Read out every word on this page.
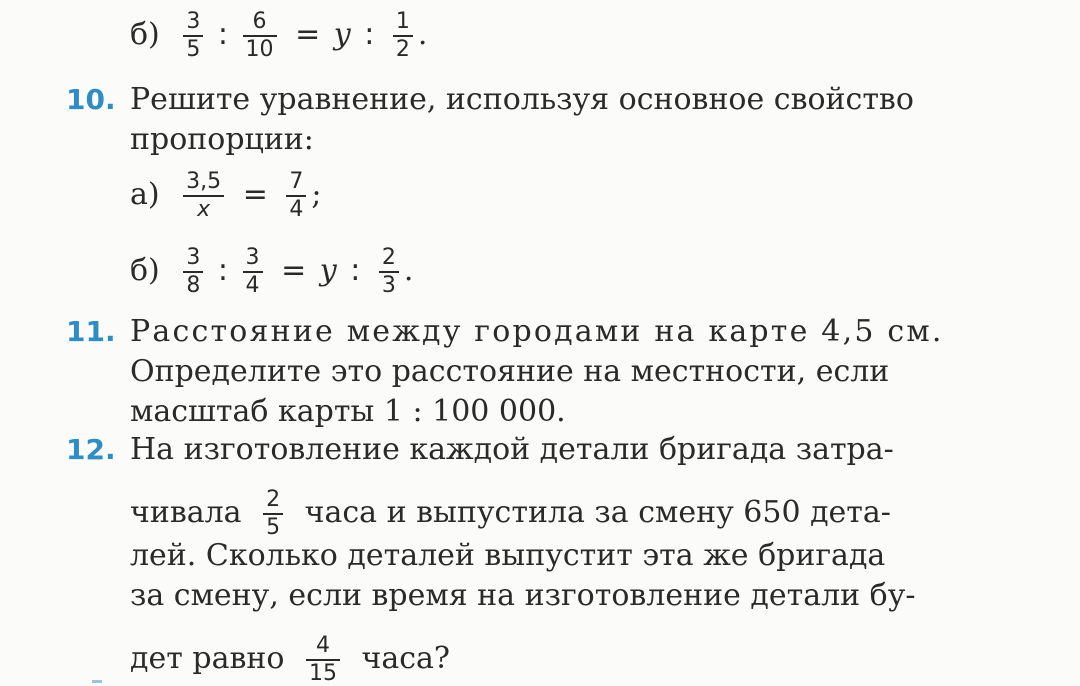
$б) \frac{3}{5}$ : $\frac{6}{10} = y$ : $\frac{1}{2}$ .
10. Решите уравнение, используя основное свойство
пропорции:
$а) \frac{3,5}{x} = \frac{7}{4}$ ;
$б) \frac{3}{8}$ : $\frac{3}{4} = y$ : $\frac{2}{3}$ .
11. Расстояние между городами на карте 4,5 см.
Определите это расстояние на местности, если
масштаб карты 1 : 100 000.
12. На изготовление каждой детали бригада затра-
чивала $\frac{2}{5}$ часа и выпустила за смену 650 дета-
лей. Сколько деталей выпустит эта же бригада
за смену, если время на изготовление детали бу-
дет равно $\frac{4}{15}$ часа?
